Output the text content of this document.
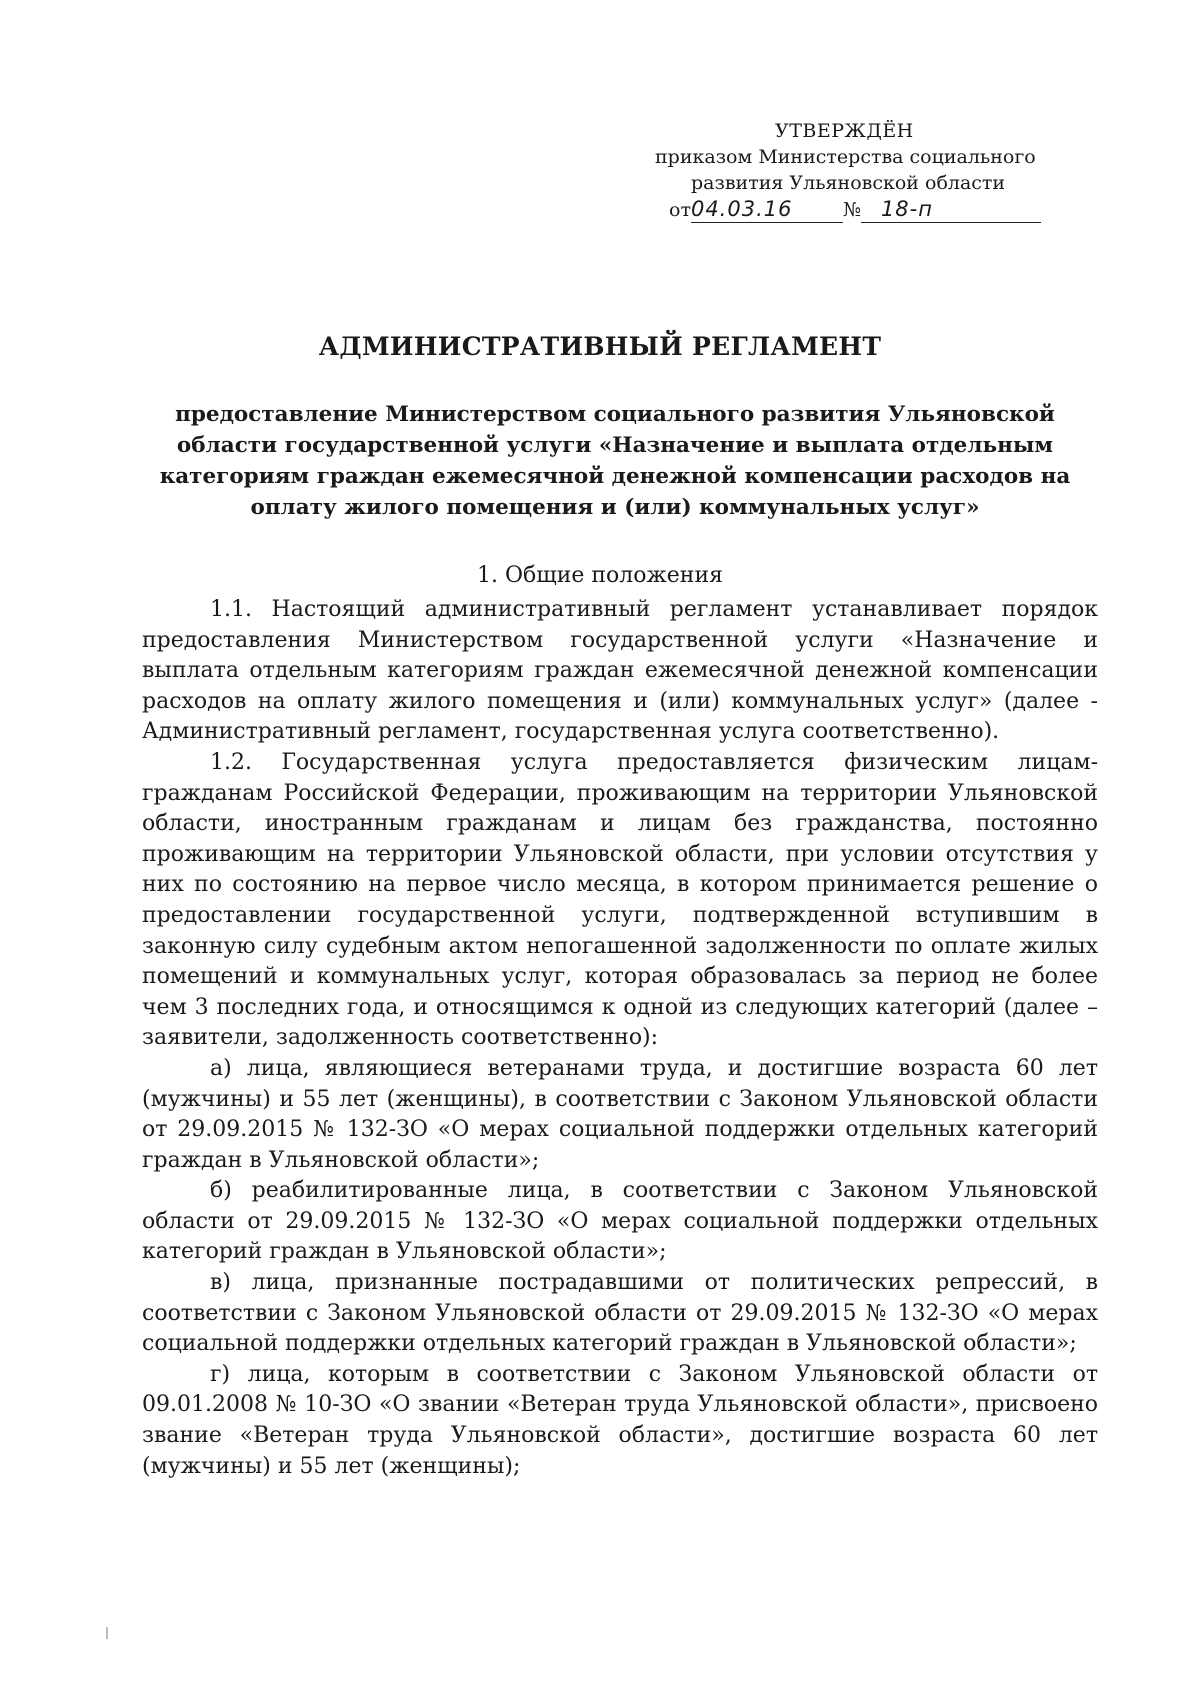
УТВЕРЖДЁН
приказом Министерства социального
развития Ульяновской области
от04.03.16	№ 18-п
АДМИНИСТРАТИВНЫЙ РЕГЛАМЕНТ
предоставление Министерством социального развития Ульяновской области государственной услуги «Назначение и выплата отдельным категориям граждан ежемесячной денежной компенсации расходов на оплату жилого помещения и (или) коммунальных услуг»
1. Общие положения

1.1. Настоящий административный регламент устанавливает порядок предоставления Министерством государственной услуги «Назначение и выплата отдельным категориям граждан ежемесячной денежной компенсации расходов на оплату жилого помещения и (или) коммунальных услуг» (далее - Административный регламент, государственная услуга соответственно).

1.2. Государственная услуга предоставляется физическим лицам-гражданам Российской Федерации, проживающим на территории Ульяновской области, иностранным гражданам и лицам без гражданства, постоянно проживающим на территории Ульяновской области, при условии отсутствия у них по состоянию на первое число месяца, в котором принимается решение о предоставлении государственной услуги, подтвержденной вступившим в законную силу судебным актом непогашенной задолженности по оплате жилых помещений и коммунальных услуг, которая образовалась за период не более чем 3 последних года, и относящимся к одной из следующих категорий (далее – заявители, задолженность соответственно):

а) лица, являющиеся ветеранами труда, и достигшие возраста 60 лет (мужчины) и 55 лет (женщины), в соответствии с Законом Ульяновской области от 29.09.2015 № 132-ЗО «О мерах социальной поддержки отдельных категорий граждан в Ульяновской области»;

б) реабилитированные лица, в соответствии с Законом Ульяновской области от 29.09.2015 № 132-ЗО «О мерах социальной поддержки отдельных категорий граждан в Ульяновской области»;

в) лица, признанные пострадавшими от политических репрессий, в соответствии с Законом Ульяновской области от 29.09.2015 № 132-ЗО «О мерах социальной поддержки отдельных категорий граждан в Ульяновской области»;

г) лица, которым в соответствии с Законом Ульяновской области от 09.01.2008 № 10-ЗО «О звании «Ветеран труда Ульяновской области», присвоено звание «Ветеран труда Ульяновской области», достигшие возраста 60 лет (мужчины) и 55 лет (женщины);
